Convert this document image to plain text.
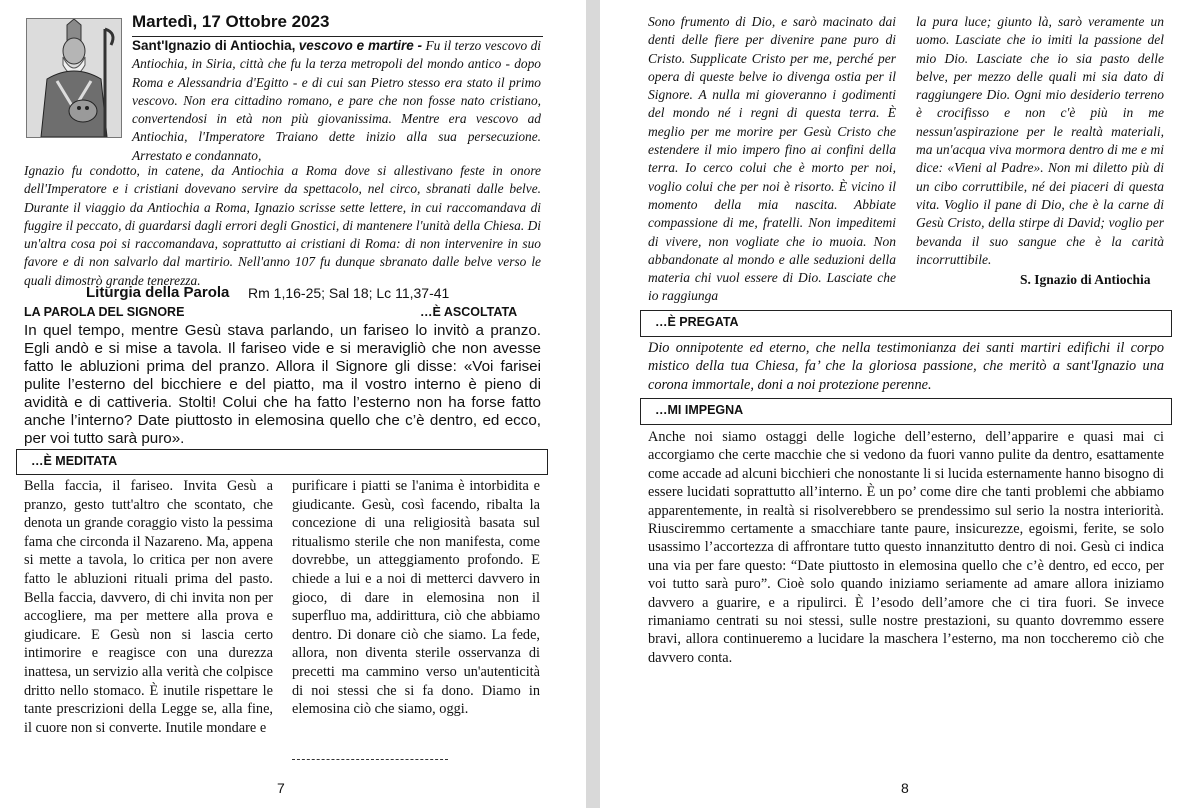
Martedì, 17 Ottobre 2023
Sant'Ignazio di Antiochia, vescovo e martire - Fu il terzo vescovo di Antiochia, in Siria, città che fu la terza metropoli del mondo antico - dopo Roma e Alessandria d'Egitto - e di cui san Pietro stesso era stato il primo vescovo. Non era cittadino romano, e pare che non fosse nato cristiano, convertendosi in età non più giovanissima. Mentre era vescovo ad Antiochia, l'Imperatore Traiano dette inizio alla sua persecuzione. Arrestato e condannato,
Ignazio fu condotto, in catene, da Antiochia a Roma dove si allestivano feste in onore dell'Imperatore e i cristiani dovevano servire da spettacolo, nel circo, sbranati dalle belve. Durante il viaggio da Antiochia a Roma, Ignazio scrisse sette lettere, in cui raccomandava di fuggire il peccato, di guardarsi dagli errori degli Gnostici, di mantenere l'unità della Chiesa. Di un'altra cosa poi si raccomandava, soprattutto ai cristiani di Roma: di non intervenire in suo favore e di non salvarlo dal martirio. Nell'anno 107 fu dunque sbranato dalle belve verso le quali dimostrò grande tenerezza.
Liturgia della Parola Rm 1,16-25; Sal 18; Lc 11,37-41
LA PAROLA DEL SIGNORE	…È ASCOLTATA
In quel tempo, mentre Gesù stava parlando, un fariseo lo invitò a pranzo. Egli andò e si mise a tavola. Il fariseo vide e si meravigliò che non avesse fatto le abluzioni prima del pranzo. Allora il Signore gli disse: «Voi farisei pulite l’esterno del bicchiere e del piatto, ma il vostro interno è pieno di avidità e di cattiveria. Stolti! Colui che ha fatto l’esterno non ha forse fatto anche l’interno? Date piuttosto in elemosina quello che c’è dentro, ed ecco, per voi tutto sarà puro».
…È MEDITATA
Bella faccia, il fariseo. Invita Gesù a pranzo, gesto tutt'altro che scontato, che denota un grande coraggio visto la pessima fama che circonda il Nazareno. Ma, appena si mette a tavola, lo critica per non avere fatto le abluzioni rituali prima del pasto. Bella faccia, davvero, di chi invita non per accogliere, ma per mettere alla prova e giudicare. E Gesù non si lascia certo intimorire e reagisce con una durezza inattesa, un servizio alla verità che colpisce dritto nello stomaco. È inutile rispettare le tante prescrizioni della Legge se, alla fine, il cuore non si converte. Inutile mondare e
purificare i piatti se l'anima è intorbidita e giudicante. Gesù, così facendo, ribalta la concezione di una religiosità basata sul ritualismo sterile che non manifesta, come dovrebbe, un atteggiamento profondo. E chiede a lui e a noi di metterci davvero in gioco, di dare in elemosina non il superfluo ma, addirittura, ciò che abbiamo dentro. Di donare ciò che siamo. La fede, allora, non diventa sterile osservanza di precetti ma cammino verso un'autenticità di noi stessi che si fa dono. Diamo in elemosina ciò che siamo, oggi.
7
Sono frumento di Dio, e sarò macinato dai denti delle fiere per divenire pane puro di Cristo. Supplicate Cristo per me, perché per opera di queste belve io divenga ostia per il Signore. A nulla mi gioveranno i godimenti del mondo né i regni di questa terra. È meglio per me morire per Gesù Cristo che estendere il mio impero fino ai confini della terra. Io cerco colui che è morto per noi, voglio colui che per noi è risorto. È vicino il momento della mia nascita. Abbiate compassione di me, fratelli. Non impeditemi di vivere, non vogliate che io muoia. Non abbandonate al mondo e alle seduzioni della materia chi vuol essere di Dio. Lasciate che io raggiunga
la pura luce; giunto là, sarò veramente un uomo. Lasciate che io imiti la passione del mio Dio. Lasciate che io sia pasto delle belve, per mezzo delle quali mi sia dato di raggiungere Dio. Ogni mio desiderio terreno è crocifisso e non c'è più in me nessun'aspirazione per le realtà materiali, ma un'acqua viva mormora dentro di me e mi dice: «Vieni al Padre». Non mi diletto più di un cibo corruttibile, né dei piaceri di questa vita. Voglio il pane di Dio, che è la carne di Gesù Cristo, della stirpe di David; voglio per bevanda il suo sangue che è la carità incorruttibile.
S. Ignazio di Antiochia
…È PREGATA
Dio onnipotente ed eterno, che nella testimonianza dei santi martiri edifichi il corpo mistico della tua Chiesa, fa’ che la gloriosa passione, che meritò a sant'Ignazio una corona immortale, doni a noi protezione perenne.
…MI IMPEGNA
Anche noi siamo ostaggi delle logiche dell’esterno, dell’apparire e quasi mai ci accorgiamo che certe macchie che si vedono da fuori vanno pulite da dentro, esattamente come accade ad alcuni bicchieri che nonostante li si lucida esternamente hanno bisogno di essere lucidati soprattutto all’interno. È un po’ come dire che tanti problemi che abbiamo apparentemente, in realtà si risolverebbero se prendessimo sul serio la nostra interiorità. Riusciremmo certamente a smacchiare tante paure, insicurezze, egoismi, ferite, se solo usassimo l’accortezza di affrontare tutto questo innanzitutto dentro di noi. Gesù ci indica una via per fare questo: “Date piuttosto in elemosina quello che c’è dentro, ed ecco, per voi tutto sarà puro”. Cioè solo quando iniziamo seriamente ad amare allora iniziamo davvero a guarire, e a ripulirci. È l’esodo dell’amore che ci tira fuori. Se invece rimaniamo centrati su noi stessi, sulle nostre prestazioni, su quanto dovremmo essere bravi, allora continueremo a lucidare la maschera l’esterno, ma non toccheremo ciò che davvero conta.
8
